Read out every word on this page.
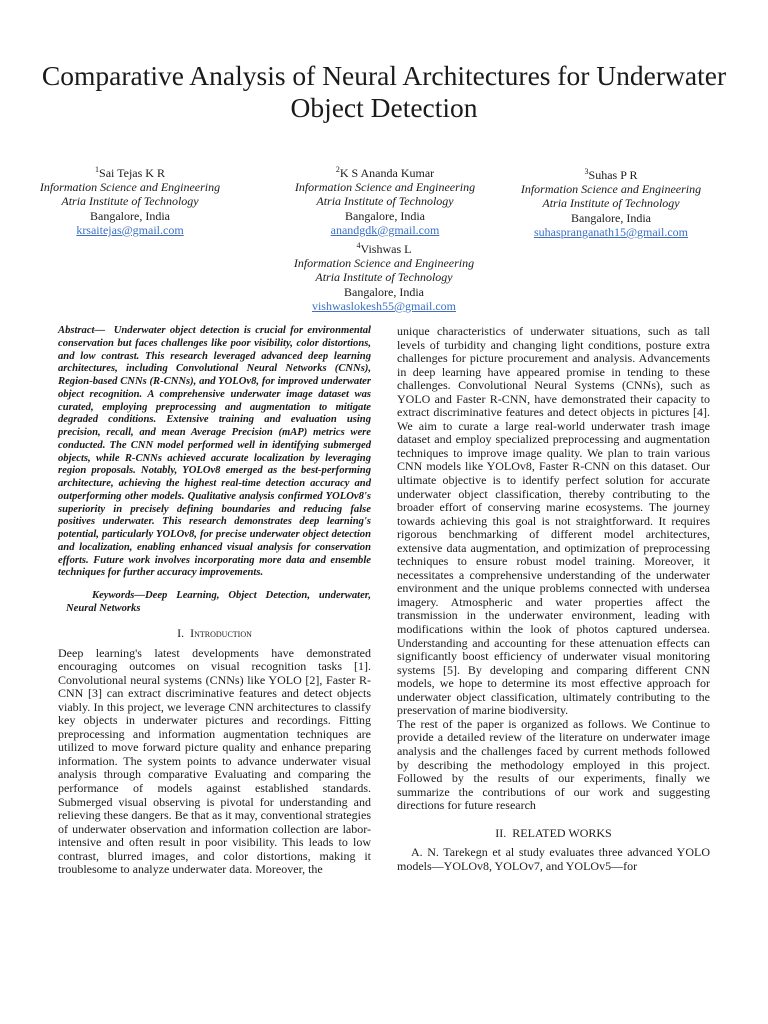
Comparative Analysis of Neural Architectures for Underwater Object Detection
$^1$Sai Tejas K R
Information Science and Engineering
Atria Institute of Technology
Bangalore, India
krsaitejas@gmail.com
$^2$K S Ananda Kumar
Information Science and Engineering
Atria Institute of Technology
Bangalore, India
anandgdk@gmail.com
$^3$Suhas P R
Information Science and Engineering
Atria Institute of Technology
Bangalore, India
suhaspranganath15@gmail.com
$^4$Vishwas L
Information Science and Engineering
Atria Institute of Technology
Bangalore, India
vishwaslokesh55@gmail.com

Abstract— Underwater object detection is crucial for environmental conservation but faces challenges like poor visibility, color distortions, and low contrast. This research leveraged advanced deep learning architectures, including Convolutional Neural Networks (CNNs), Region-based CNNs (R-CNNs), and YOLOv8, for improved underwater object recognition. A comprehensive underwater image dataset was curated, employing preprocessing and augmentation to mitigate degraded conditions. Extensive training and evaluation using precision, recall, and mean Average Precision (mAP) metrics were conducted. The CNN model performed well in identifying submerged objects, while R-CNNs achieved accurate localization by leveraging region proposals. Notably, YOLOv8 emerged as the best-performing architecture, achieving the highest real-time detection accuracy and outperforming other models. Qualitative analysis confirmed YOLOv8's superiority in precisely defining boundaries and reducing false positives underwater. This research demonstrates deep learning's potential, particularly YOLOv8, for precise underwater object detection and localization, enabling enhanced visual analysis for conservation efforts. Future work involves incorporating more data and ensemble techniques for further accuracy improvements.

Keywords—Deep Learning, Object Detection, underwater, Neural Networks

I. Introduction

Deep learning's latest developments have demonstrated encouraging outcomes on visual recognition tasks [1]. Convolutional neural systems (CNNs) like YOLO [2], Faster R-CNN [3] can extract discriminative features and detect objects viably. In this project, we leverage CNN architectures to classify key objects in underwater pictures and recordings. Fitting preprocessing and information augmentation techniques are utilized to move forward picture quality and enhance preparing information. The system points to advance underwater visual analysis through comparative Evaluating and comparing the performance of models against established standards. Submerged visual observing is pivotal for understanding and relieving these dangers. Be that as it may, conventional strategies of underwater observation and information collection are labor-intensive and often result in poor visibility. This leads to low contrast, blurred images, and color distortions, making it troublesome to analyze underwater data. Moreover, the

unique characteristics of underwater situations, such as tall levels of turbidity and changing light conditions, posture extra challenges for picture procurement and analysis. Advancements in deep learning have appeared promise in tending to these challenges. Convolutional Neural Systems (CNNs), such as YOLO and Faster R-CNN, have demonstrated their capacity to extract discriminative features and detect objects in pictures [4]. We aim to curate a large real-world underwater trash image dataset and employ specialized preprocessing and augmentation techniques to improve image quality. We plan to train various CNN models like YOLOv8, Faster R-CNN on this dataset. Our ultimate objective is to identify perfect solution for accurate underwater object classification, thereby contributing to the broader effort of conserving marine ecosystems. The journey towards achieving this goal is not straightforward. It requires rigorous benchmarking of different model architectures, extensive data augmentation, and optimization of preprocessing techniques to ensure robust model training. Moreover, it necessitates a comprehensive understanding of the underwater environment and the unique problems connected with undersea imagery. Atmospheric and water properties affect the transmission in the underwater environment, leading with modifications within the look of photos captured undersea. Understanding and accounting for these attenuation effects can significantly boost efficiency of underwater visual monitoring systems [5]. By developing and comparing different CNN models, we hope to determine its most effective approach for underwater object classification, ultimately contributing to the preservation of marine biodiversity.

The rest of the paper is organized as follows. We Continue to provide a detailed review of the literature on underwater image analysis and the challenges faced by current methods followed by describing the methodology employed in this project. Followed by the results of our experiments, finally we summarize the contributions of our work and suggesting directions for future research

II. RELATED WORKS

A. N. Tarekegn et al study evaluates three advanced YOLO models—YOLOv8, YOLOv7, and YOLOv5—for
